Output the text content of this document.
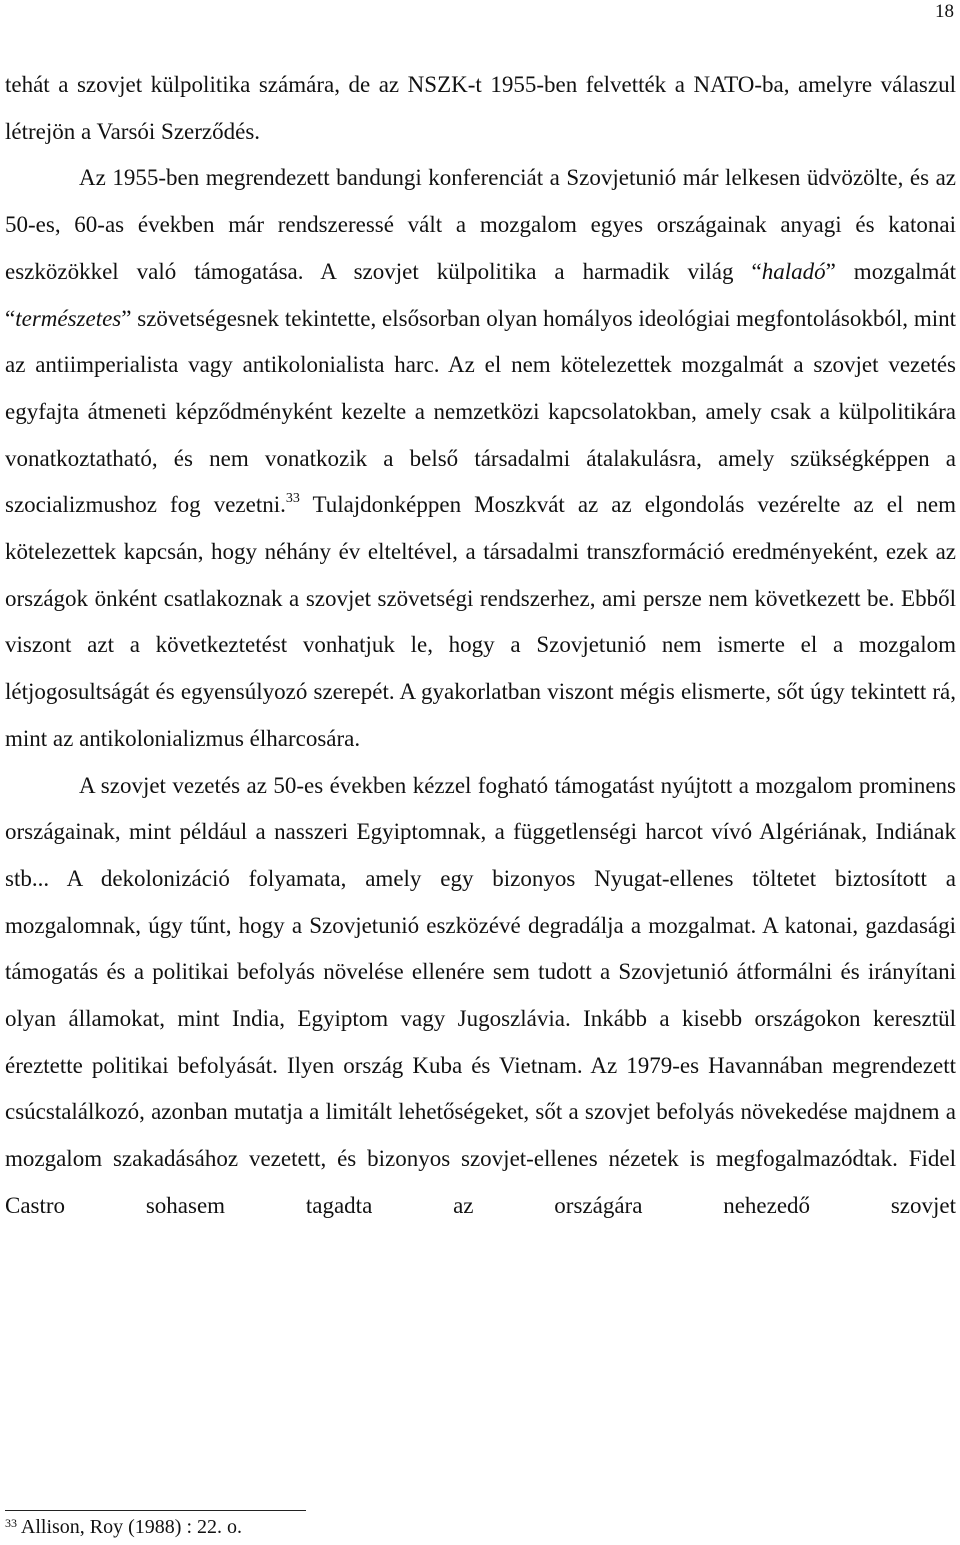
18

tehát a szovjet külpolitika számára, de az NSZK-t 1955-ben felvették a NATO-ba, amelyre válaszul létrejön a Varsói Szerződés.

Az 1955-ben megrendezett bandungi konferenciát a Szovjetunió már lelkesen üdvözölte, és az 50-es, 60-as években már rendszeressé vált a mozgalom egyes országainak anyagi és katonai eszközökkel való támogatása. A szovjet külpolitika a harmadik világ “haladó” mozgalmát “természetes” szövetségesnek tekintette, elsősorban olyan homályos ideológiai megfontolásokból, mint az antiimperialista vagy antikolonialista harc. Az el nem kötelezettek mozgalmát a szovjet vezetés egyfajta átmeneti képződményként kezelte a nemzetközi kapcsolatokban, amely csak a külpolitikára vonatkoztatható, és nem vonatkozik a belső társadalmi átalakulásra, amely szükségképpen a szocializmushoz fog vezetni.$^{33}$ Tulajdonképpen Moszkvát az az elgondolás vezérelte az el nem kötelezettek kapcsán, hogy néhány év elteltével, a társadalmi transzformáció eredményeként, ezek az országok önként csatlakoznak a szovjet szövetségi rendszerhez, ami persze nem következett be. Ebből viszont azt a következtetést vonhatjuk le, hogy a Szovjetunió nem ismerte el a mozgalom létjogosultságát és egyensúlyozó szerepét. A gyakorlatban viszont mégis elismerte, sőt úgy tekintett rá, mint az antikolonializmus élharcosára.

A szovjet vezetés az 50-es években kézzel fogható támogatást nyújtott a mozgalom prominens országainak, mint például a nasszeri Egyiptomnak, a függetlenségi harcot vívó Algériának, Indiának stb... A dekolonizáció folyamata, amely egy bizonyos Nyugat-ellenes töltetet biztosított a mozgalomnak, úgy tűnt, hogy a Szovjetunió eszközévé degradálja a mozgalmat. A katonai, gazdasági támogatás és a politikai befolyás növelése ellenére sem tudott a Szovjetunió átformálni és irányítani olyan államokat, mint India, Egyiptom vagy Jugoszlávia. Inkább a kisebb országokon keresztül éreztette politikai befolyását. Ilyen ország Kuba és Vietnam. Az 1979-es Havannában megrendezett csúcstalálkozó, azonban mutatja a limitált lehetőségeket, sőt a szovjet befolyás növekedése majdnem a mozgalom szakadásához vezetett, és bizonyos szovjet-ellenes nézetek is megfogalmazódtak. Fidel Castro sohasem tagadta az országára nehezedő szovjet

$^{33}$ Allison, Roy (1988) : 22. o.
